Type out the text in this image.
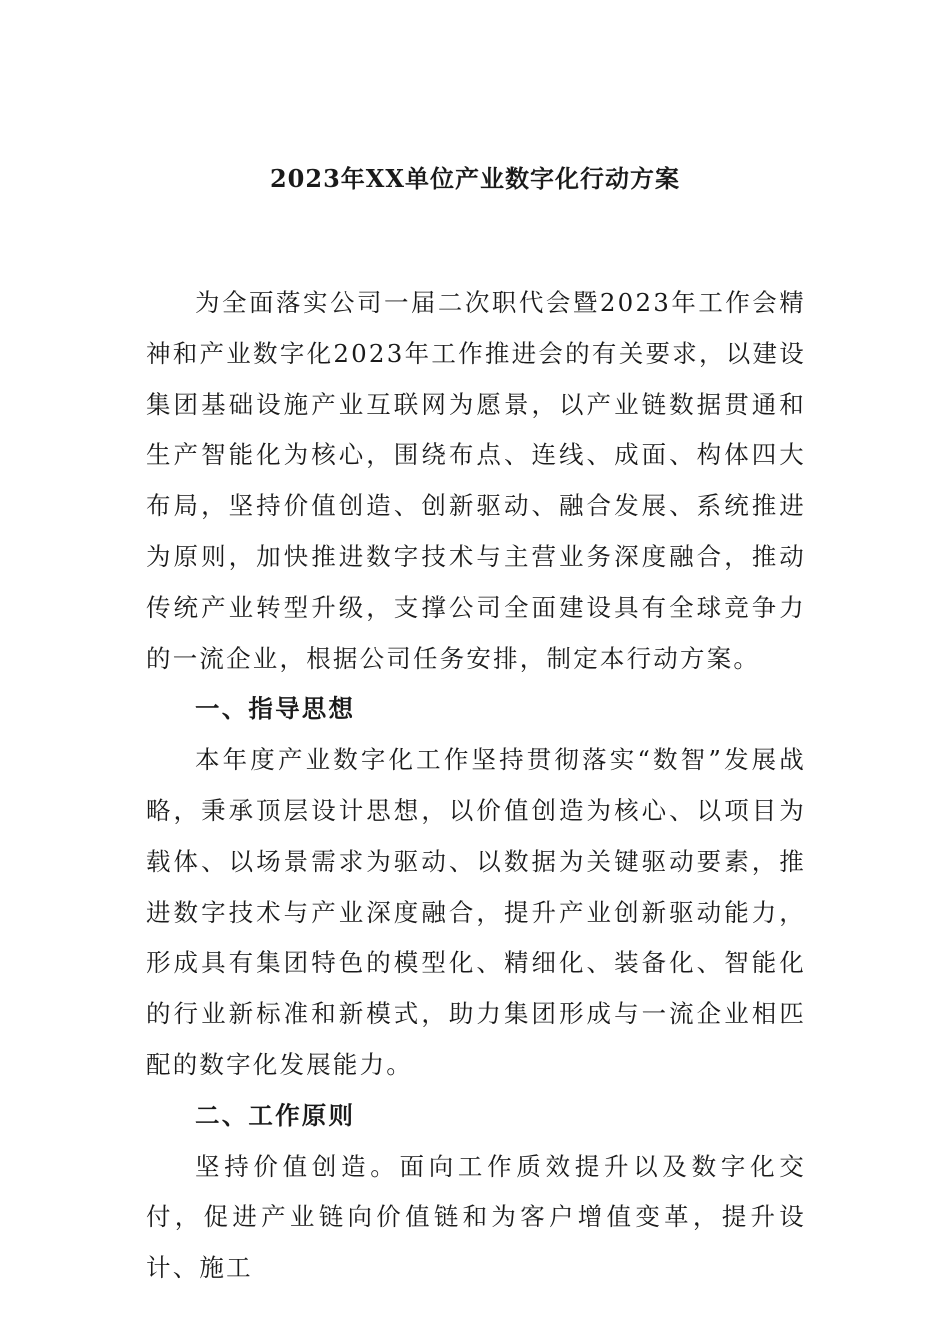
2023年XX单位产业数字化行动方案

为全面落实公司一届二次职代会暨2023年工作会精神和产业数字化2023年工作推进会的有关要求，以建设集团基础设施产业互联网为愿景，以产业链数据贯通和生产智能化为核心，围绕布点、连线、成面、构体四大布局，坚持价值创造、创新驱动、融合发展、系统推进为原则，加快推进数字技术与主营业务深度融合，推动传统产业转型升级，支撑公司全面建设具有全球竞争力的一流企业，根据公司任务安排，制定本行动方案。

一、指导思想

本年度产业数字化工作坚持贯彻落实“数智”发展战略，秉承顶层设计思想，以价值创造为核心、以项目为载体、以场景需求为驱动、以数据为关键驱动要素，推进数字技术与产业深度融合，提升产业创新驱动能力，形成具有集团特色的模型化、精细化、装备化、智能化的行业新标准和新模式，助力集团形成与一流企业相匹配的数字化发展能力。

二、工作原则

坚持价值创造。面向工作质效提升以及数字化交付，促进产业链向价值链和为客户增值变革，提升设计、施工
